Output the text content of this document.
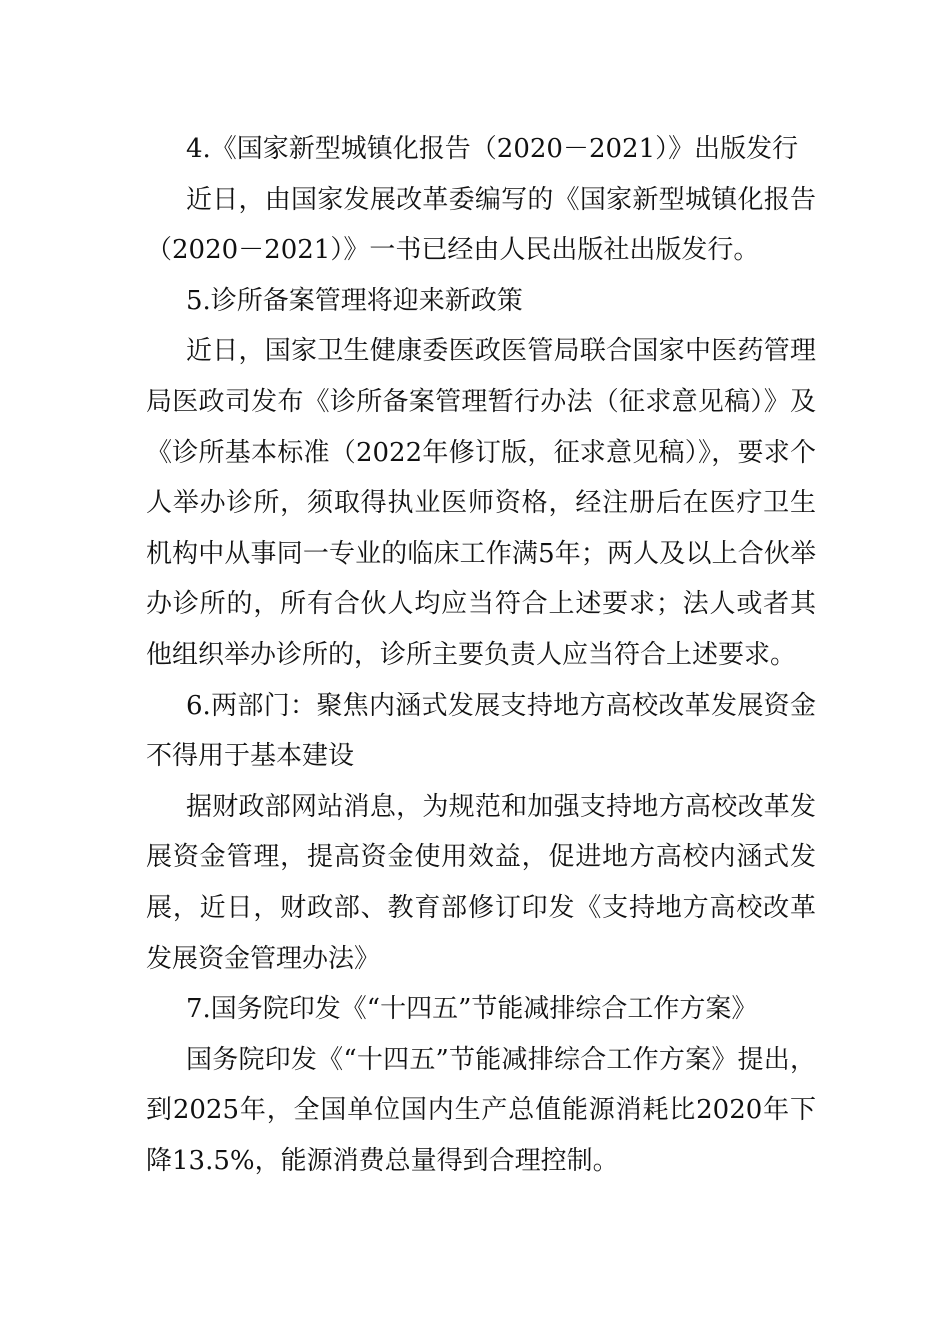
4.《国家新型城镇化报告（2020－2021）》出版发行

近日，由国家发展改革委编写的《国家新型城镇化报告（2020－2021）》一书已经由人民出版社出版发行。

5.诊所备案管理将迎来新政策

近日，国家卫生健康委医政医管局联合国家中医药管理局医政司发布《诊所备案管理暂行办法（征求意见稿）》及《诊所基本标准（2022年修订版，征求意见稿）》，要求个人举办诊所，须取得执业医师资格，经注册后在医疗卫生机构中从事同一专业的临床工作满5年；两人及以上合伙举办诊所的，所有合伙人均应当符合上述要求；法人或者其他组织举办诊所的，诊所主要负责人应当符合上述要求。

6.两部门：聚焦内涵式发展支持地方高校改革发展资金不得用于基本建设

据财政部网站消息，为规范和加强支持地方高校改革发展资金管理，提高资金使用效益，促进地方高校内涵式发展，近日，财政部、教育部修订印发《支持地方高校改革发展资金管理办法》

7.国务院印发《“十四五”节能减排综合工作方案》

国务院印发《“十四五”节能减排综合工作方案》提出，到2025年，全国单位国内生产总值能源消耗比2020年下降13.5%，能源消费总量得到合理控制。
